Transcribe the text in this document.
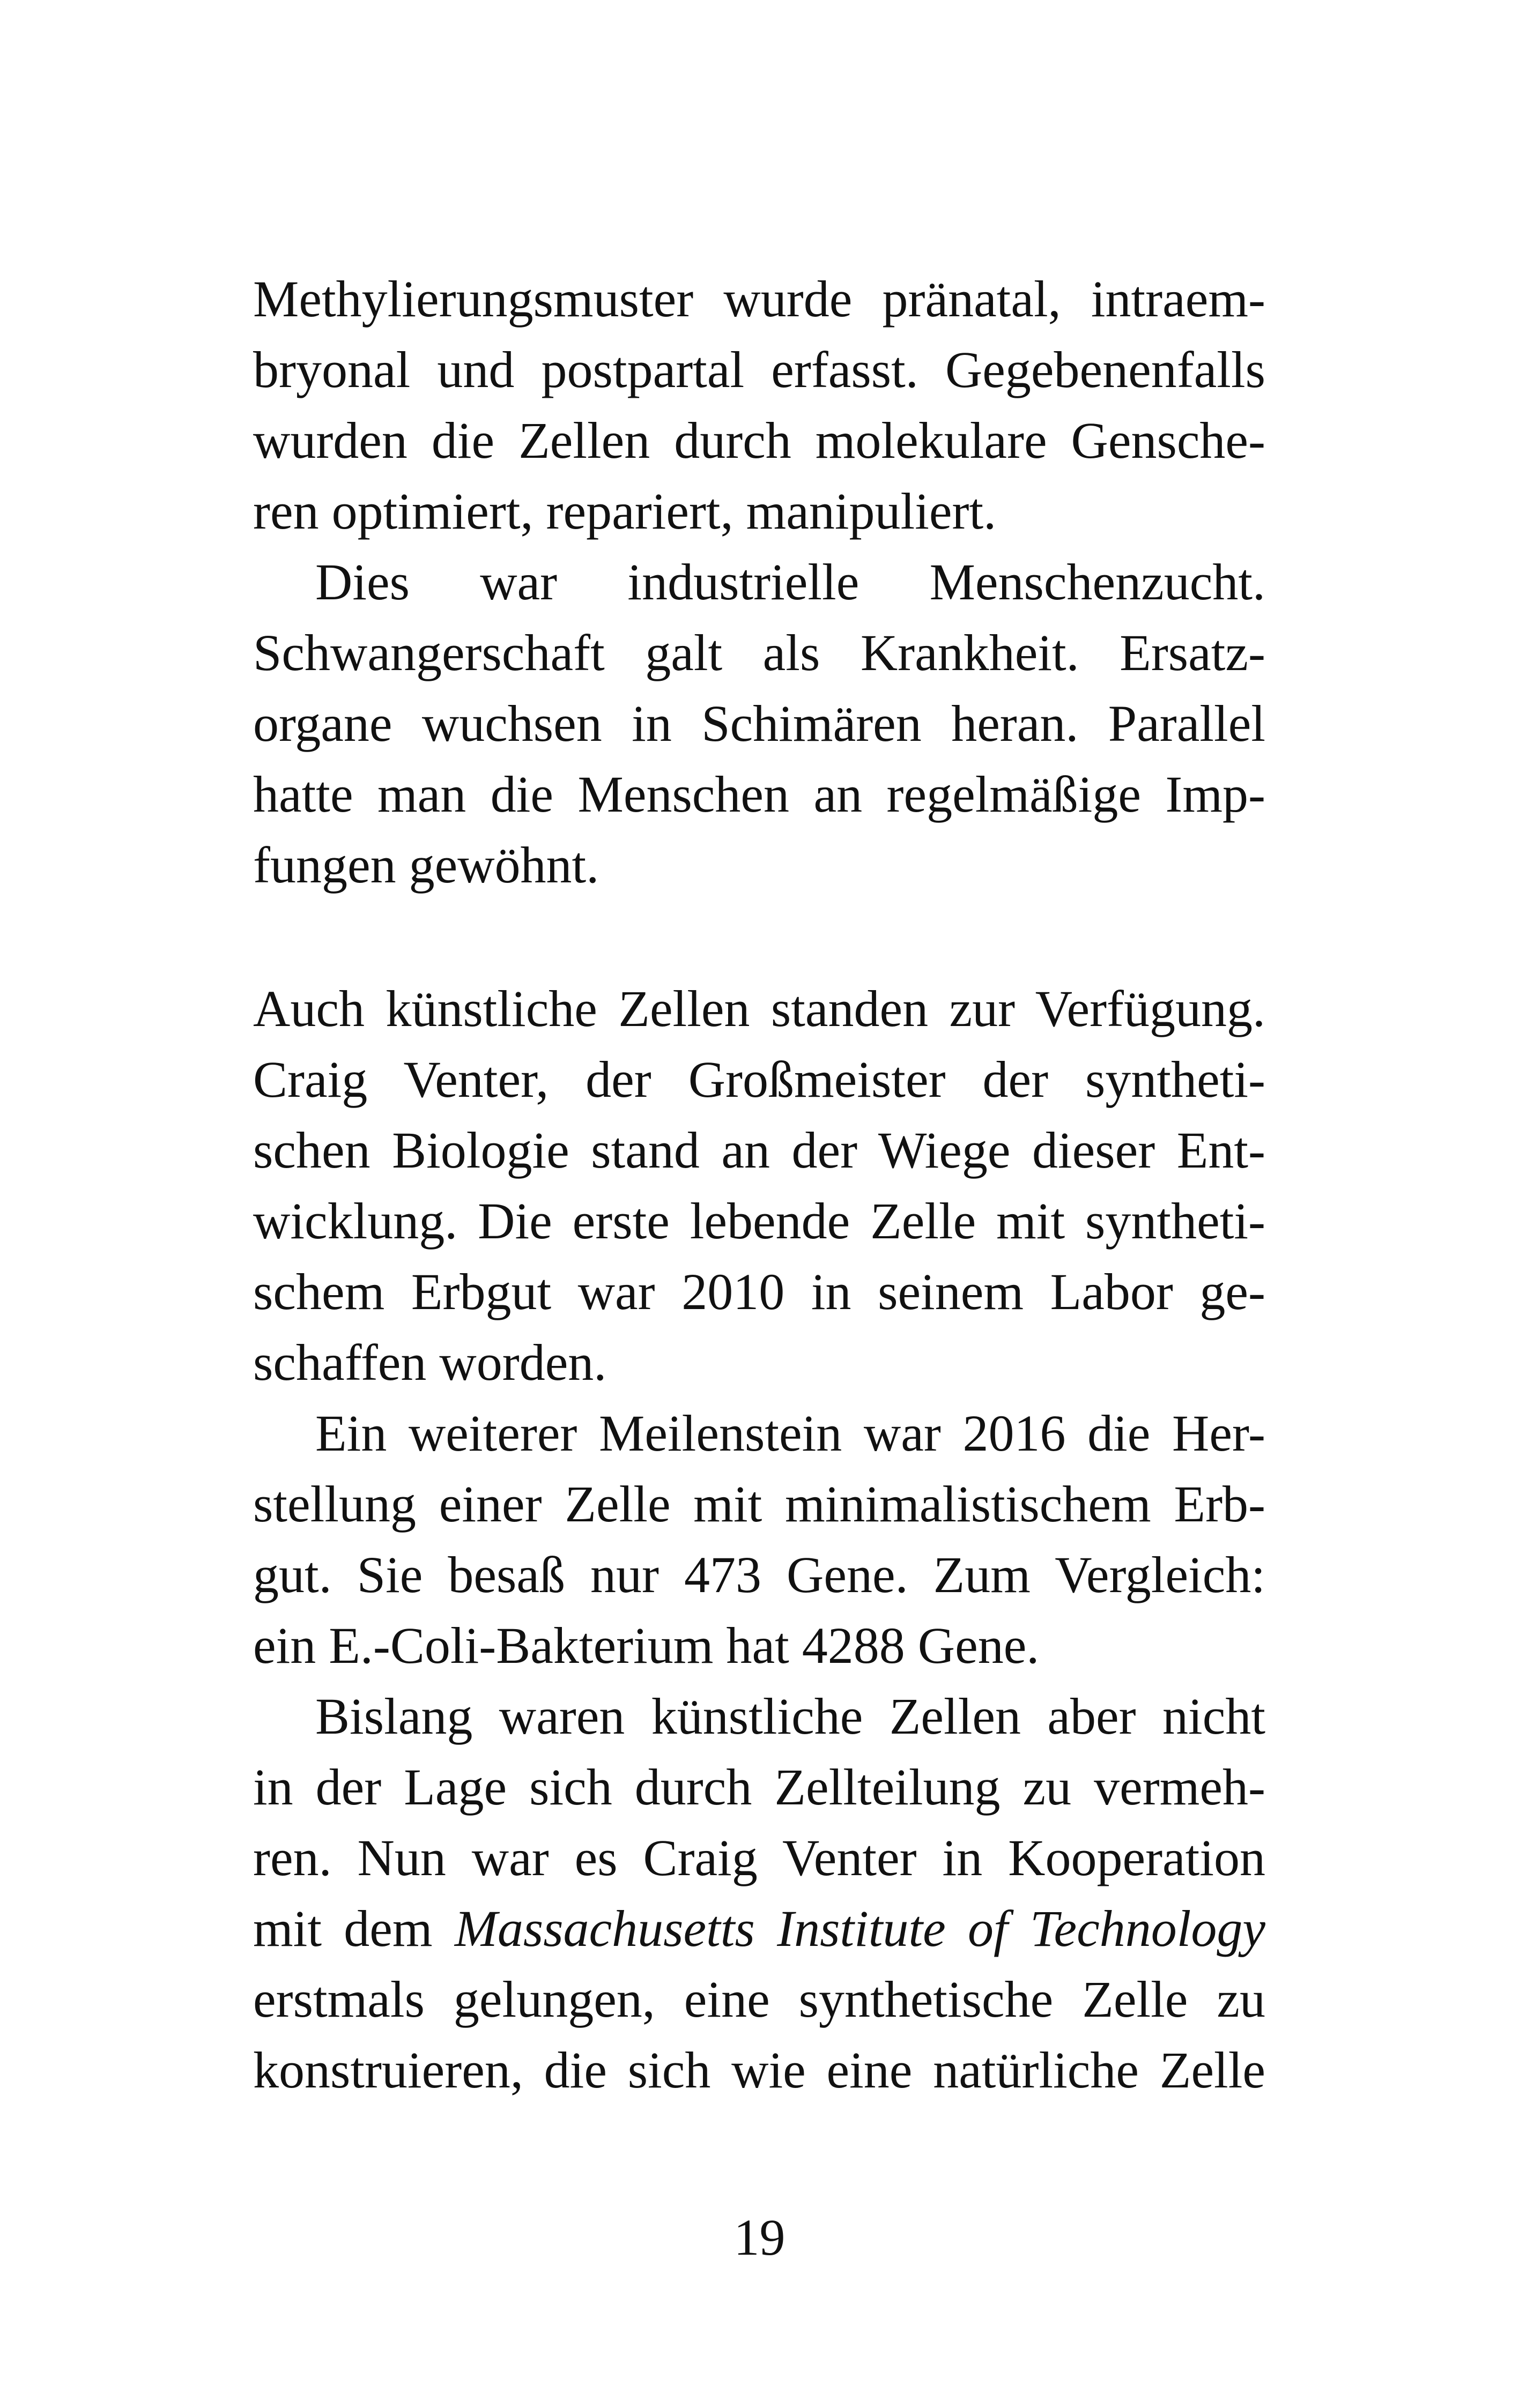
Methylierungsmuster wurde pränatal, intraem-
bryonal und postpartal erfasst. Gegebenenfalls
wurden die Zellen durch molekulare Gensche-
ren optimiert, repariert, manipuliert.
Dies war industrielle Menschenzucht.
Schwangerschaft galt als Krankheit. Ersatz-
organe wuchsen in Schimären heran. Parallel
hatte man die Menschen an regelmäßige Imp-
fungen gewöhnt.
Auch künstliche Zellen standen zur Verfügung.
Craig Venter, der Großmeister der syntheti-
schen Biologie stand an der Wiege dieser Ent-
wicklung. Die erste lebende Zelle mit syntheti-
schem Erbgut war 2010 in seinem Labor ge-
schaffen worden.
Ein weiterer Meilenstein war 2016 die Her-
stellung einer Zelle mit minimalistischem Erb-
gut. Sie besaß nur 473 Gene. Zum Vergleich:
ein E.-Coli-Bakterium hat 4288 Gene.
Bislang waren künstliche Zellen aber nicht
in der Lage sich durch Zellteilung zu vermeh-
ren. Nun war es Craig Venter in Kooperation
mit dem Massachusetts Institute of Technology
erstmals gelungen, eine synthetische Zelle zu
konstruieren, die sich wie eine natürliche Zelle
19
